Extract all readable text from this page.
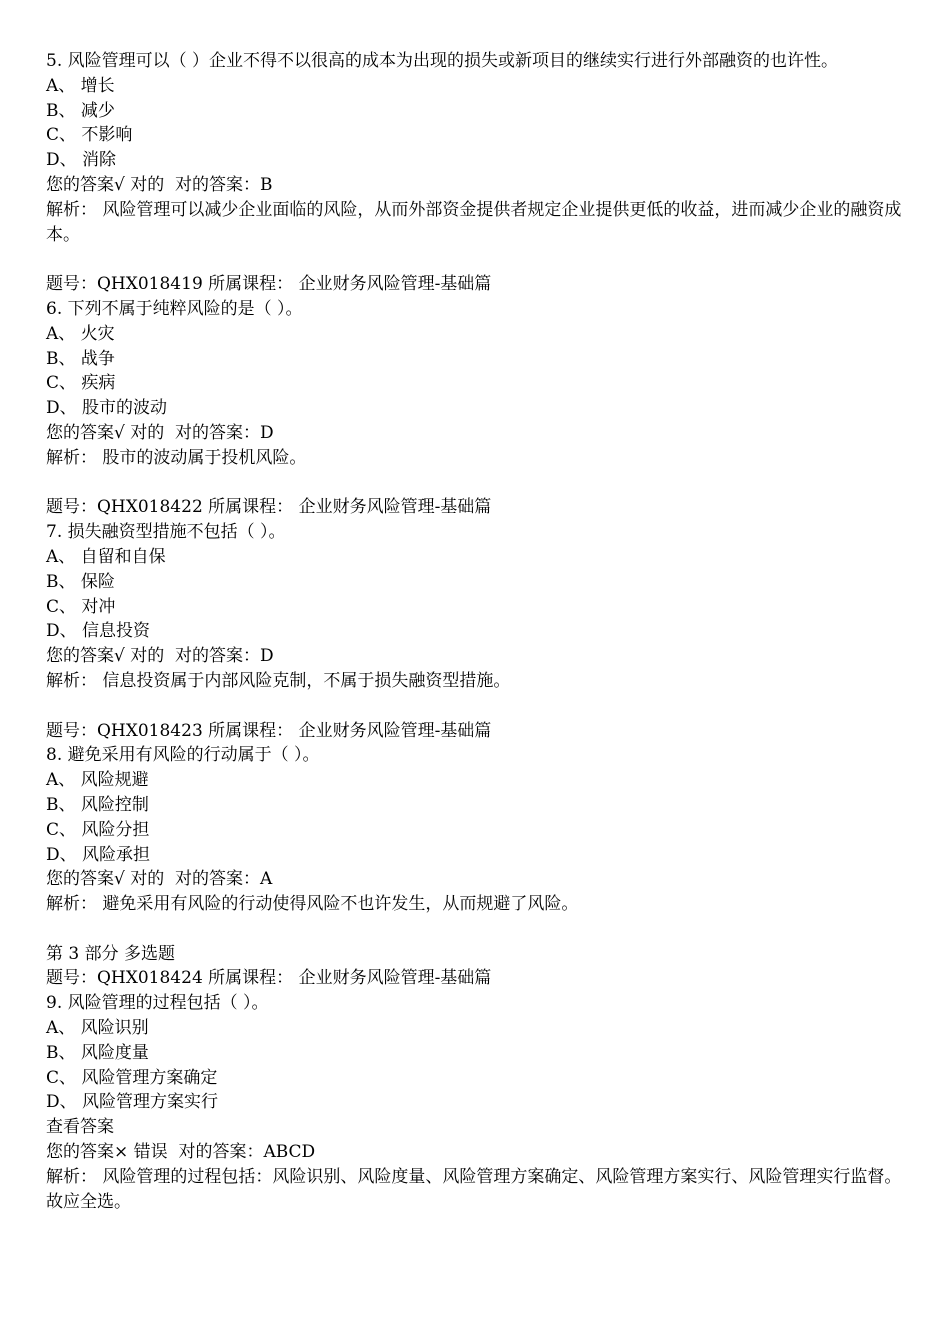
5. 风险管理可以（ ）企业不得不以很高的成本为出现的损失或新项目的继续实行进行外部融资的也许性。

A、 增长

B、 减少

C、 不影响

D、 消除

您的答案√ 对的  对的答案：B

解析： 风险管理可以减少企业面临的风险，从而外部资金提供者规定企业提供更低的收益，进而减少企业的融资成本。

题号：QHX018419 所属课程： 企业财务风险管理-基础篇

6. 下列不属于纯粹风险的是（ ）。

A、 火灾

B、 战争

C、 疾病

D、 股市的波动

您的答案√ 对的  对的答案：D

解析： 股市的波动属于投机风险。

题号：QHX018422 所属课程： 企业财务风险管理-基础篇

7. 损失融资型措施不包括（ ）。

A、 自留和自保

B、 保险

C、 对冲

D、 信息投资

您的答案√ 对的  对的答案：D

解析： 信息投资属于内部风险克制，不属于损失融资型措施。

题号：QHX018423 所属课程： 企业财务风险管理-基础篇

8. 避免采用有风险的行动属于（ ）。

A、 风险规避

B、 风险控制

C、 风险分担

D、 风险承担

您的答案√ 对的  对的答案：A

解析： 避免采用有风险的行动使得风险不也许发生，从而规避了风险。

第 3 部分 多选题

题号：QHX018424 所属课程： 企业财务风险管理-基础篇

9. 风险管理的过程包括（ ）。

A、 风险识别

B、 风险度量

C、 风险管理方案确定

D、 风险管理方案实行

查看答案

您的答案× 错误  对的答案：ABCD

解析： 风险管理的过程包括：风险识别、风险度量、风险管理方案确定、风险管理方案实行、风险管理实行监督。故应全选。
